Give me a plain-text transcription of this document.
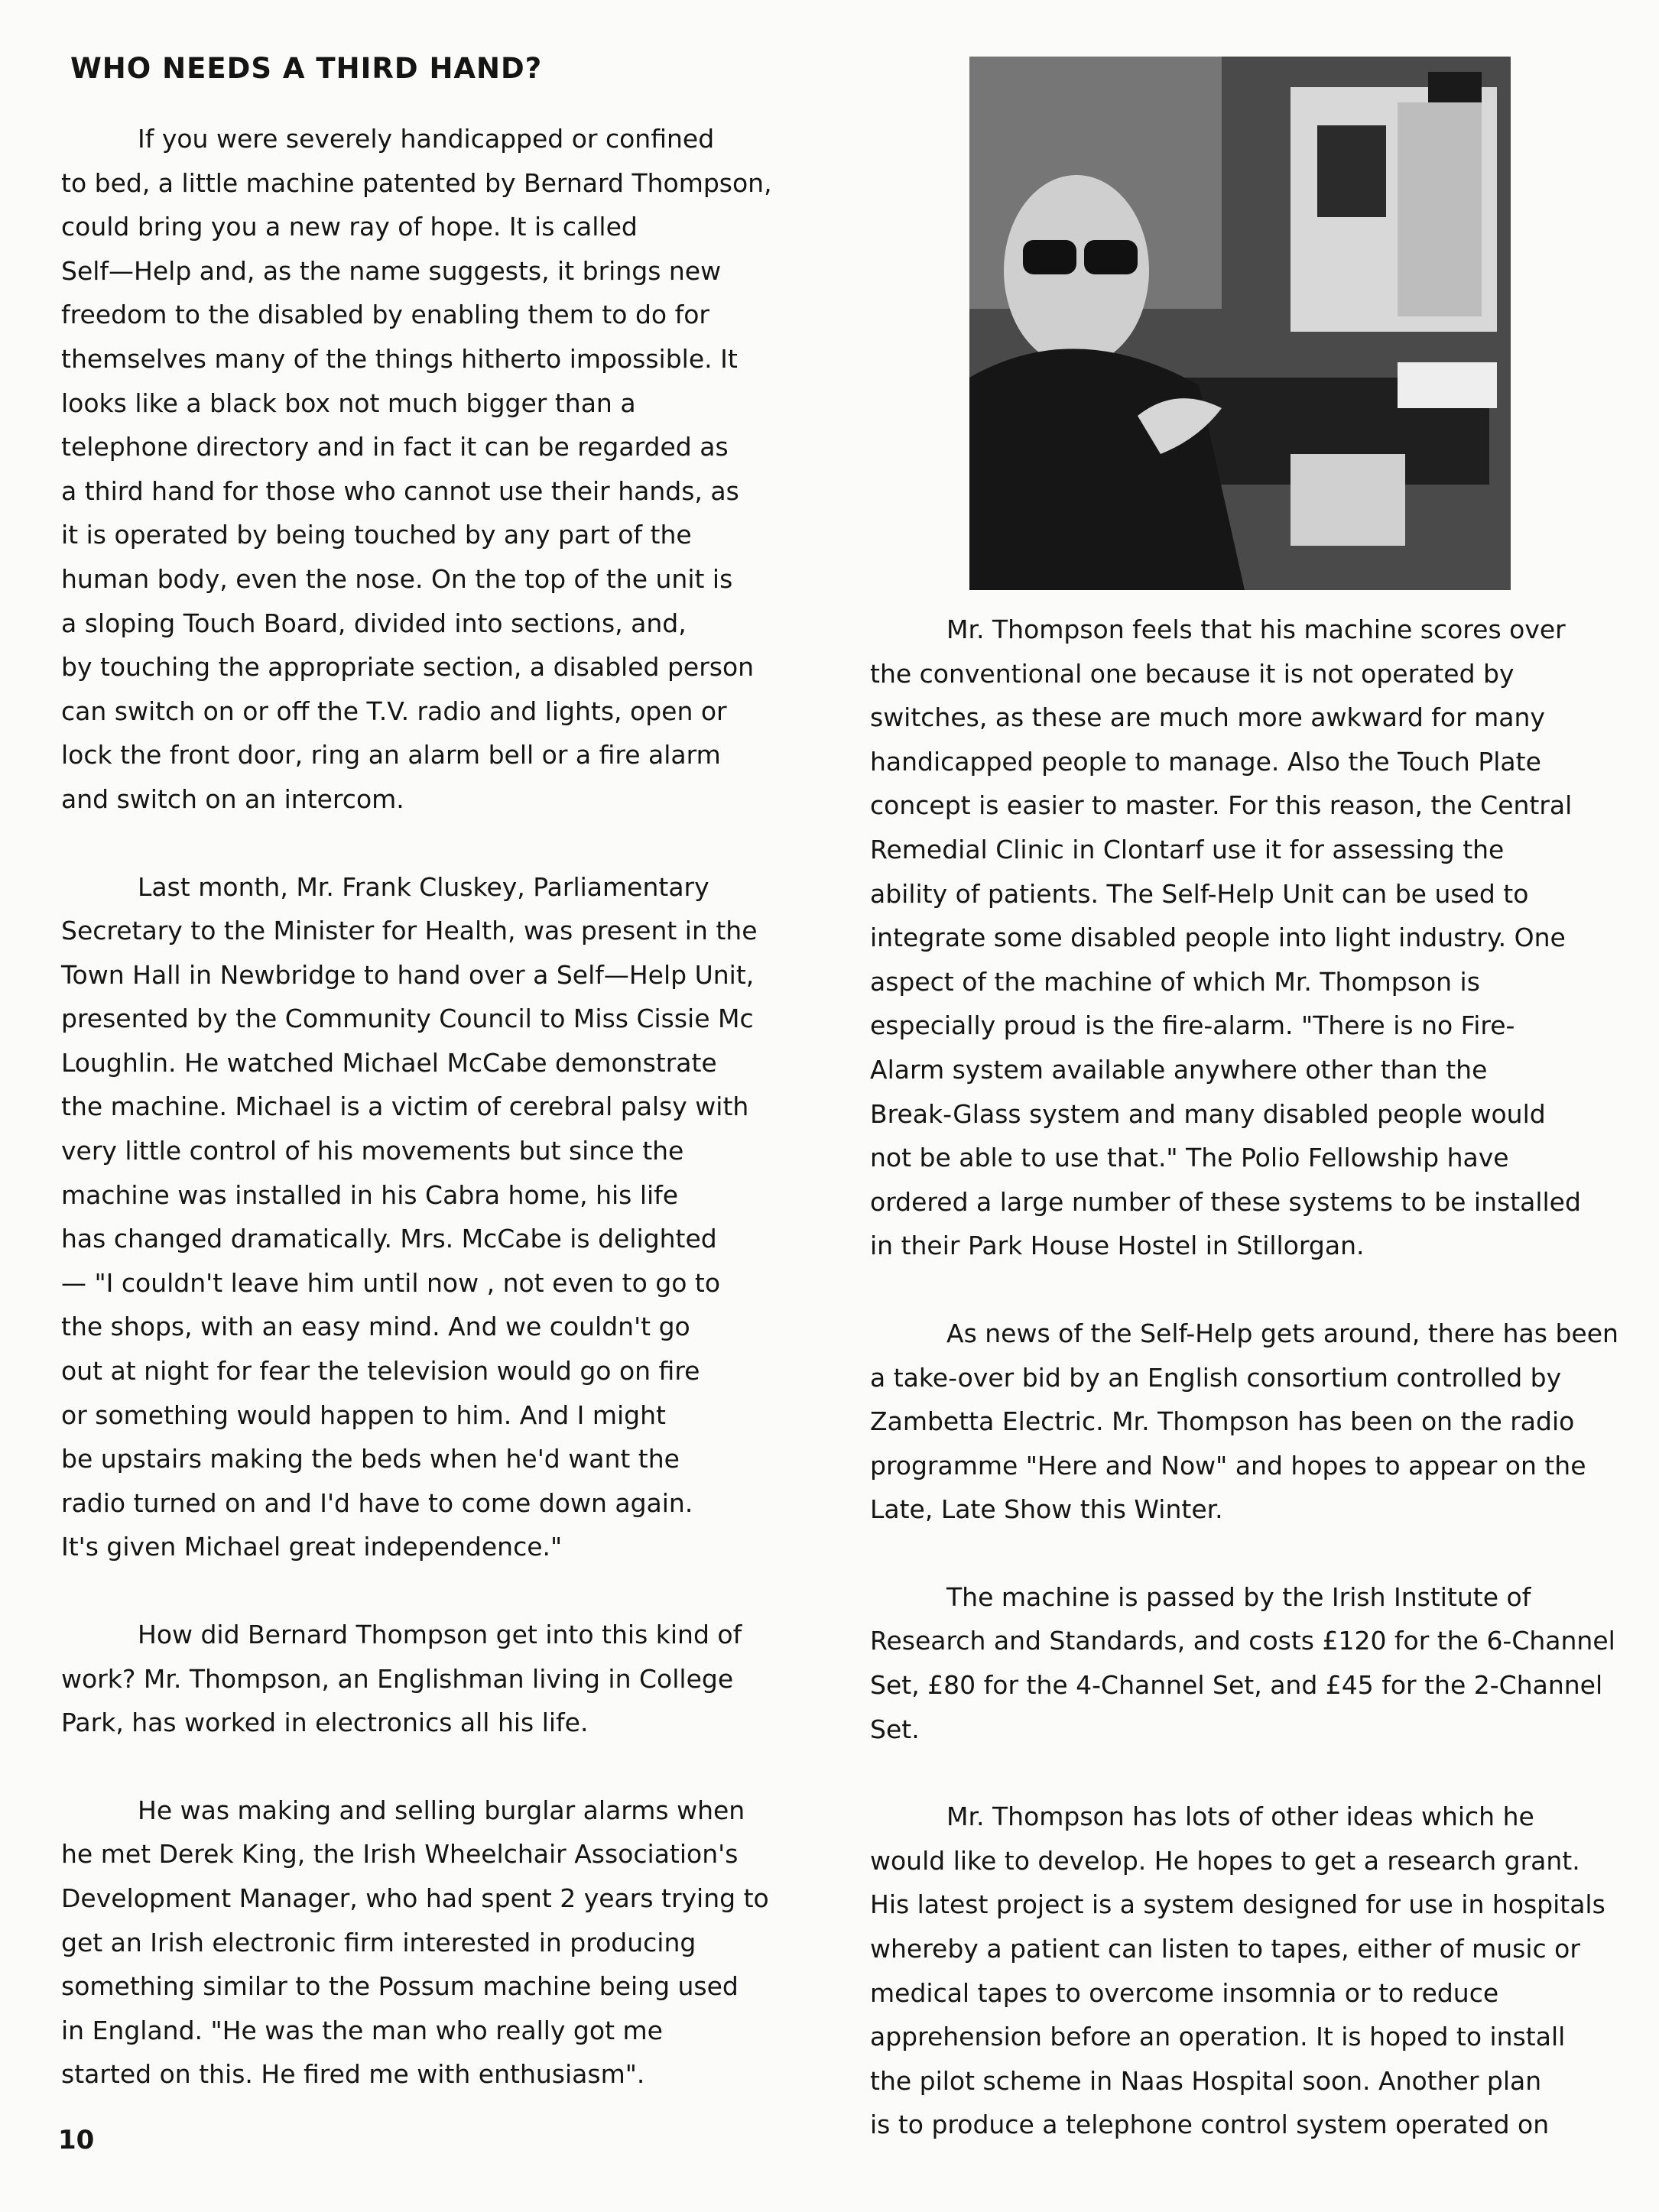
WHO NEEDS A THIRD HAND?

If you were severely handicapped or confined

to bed, a little machine patented by Bernard Thompson,

could bring you a new ray of hope. It is called

Self—Help and, as the name suggests, it brings new

freedom to the disabled by enabling them to do for

themselves many of the things hitherto impossible. It

looks like a black box not much bigger than a

telephone directory and in fact it can be regarded as

a third hand for those who cannot use their hands, as

it is operated by being touched by any part of the

human body, even the nose. On the top of the unit is

a sloping Touch Board, divided into sections, and,

by touching the appropriate section, a disabled person

can switch on or off the T.V. radio and lights, open or

lock the front door, ring an alarm bell or a fire alarm

and switch on an intercom.

Last month, Mr. Frank Cluskey, Parliamentary

Secretary to the Minister for Health, was present in the

Town Hall in Newbridge to hand over a Self—Help Unit,

presented by the Community Council to Miss Cissie Mc

Loughlin. He watched Michael McCabe demonstrate

the machine. Michael is a victim of cerebral palsy with

very little control of his movements but since the

machine was installed in his Cabra home, his life

has changed dramatically. Mrs. McCabe is delighted

— "I couldn't leave him until now , not even to go to

the shops, with an easy mind. And we couldn't go

out at night for fear the television would go on fire

or something would happen to him. And I might

be upstairs making the beds when he'd want the

radio turned on and I'd have to come down again.

It's given Michael great independence."

How did Bernard Thompson get into this kind of

work? Mr. Thompson, an Englishman living in College

Park, has worked in electronics all his life.

He was making and selling burglar alarms when

he met Derek King, the Irish Wheelchair Association's

Development Manager, who had spent 2 years trying to

get an Irish electronic firm interested in producing

something similar to the Possum machine being used

in England. "He was the man who really got me

started on this. He fired me with enthusiasm".

Mr. Thompson feels that his machine scores over

the conventional one because it is not operated by

switches, as these are much more awkward for many

handicapped people to manage. Also the Touch Plate

concept is easier to master. For this reason, the Central

Remedial Clinic in Clontarf use it for assessing the

ability of patients. The Self-Help Unit can be used to

integrate some disabled people into light industry. One

aspect of the machine of which Mr. Thompson is

especially proud is the fire-alarm. "There is no Fire-

Alarm system available anywhere other than the

Break-Glass system and many disabled people would

not be able to use that." The Polio Fellowship have

ordered a large number of these systems to be installed

in their Park House Hostel in Stillorgan.

As news of the Self-Help gets around, there has been

a take-over bid by an English consortium controlled by

Zambetta Electric. Mr. Thompson has been on the radio

programme "Here and Now" and hopes to appear on the

Late, Late Show this Winter.

The machine is passed by the Irish Institute of

Research and Standards, and costs £120 for the 6-Channel

Set, £80 for the 4-Channel Set, and £45 for the 2-Channel

Set.

Mr. Thompson has lots of other ideas which he

would like to develop. He hopes to get a research grant.

His latest project is a system designed for use in hospitals

whereby a patient can listen to tapes, either of music or

medical tapes to overcome insomnia or to reduce

apprehension before an operation. It is hoped to install

the pilot scheme in Naas Hospital soon. Another plan

is to produce a telephone control system operated on

10
